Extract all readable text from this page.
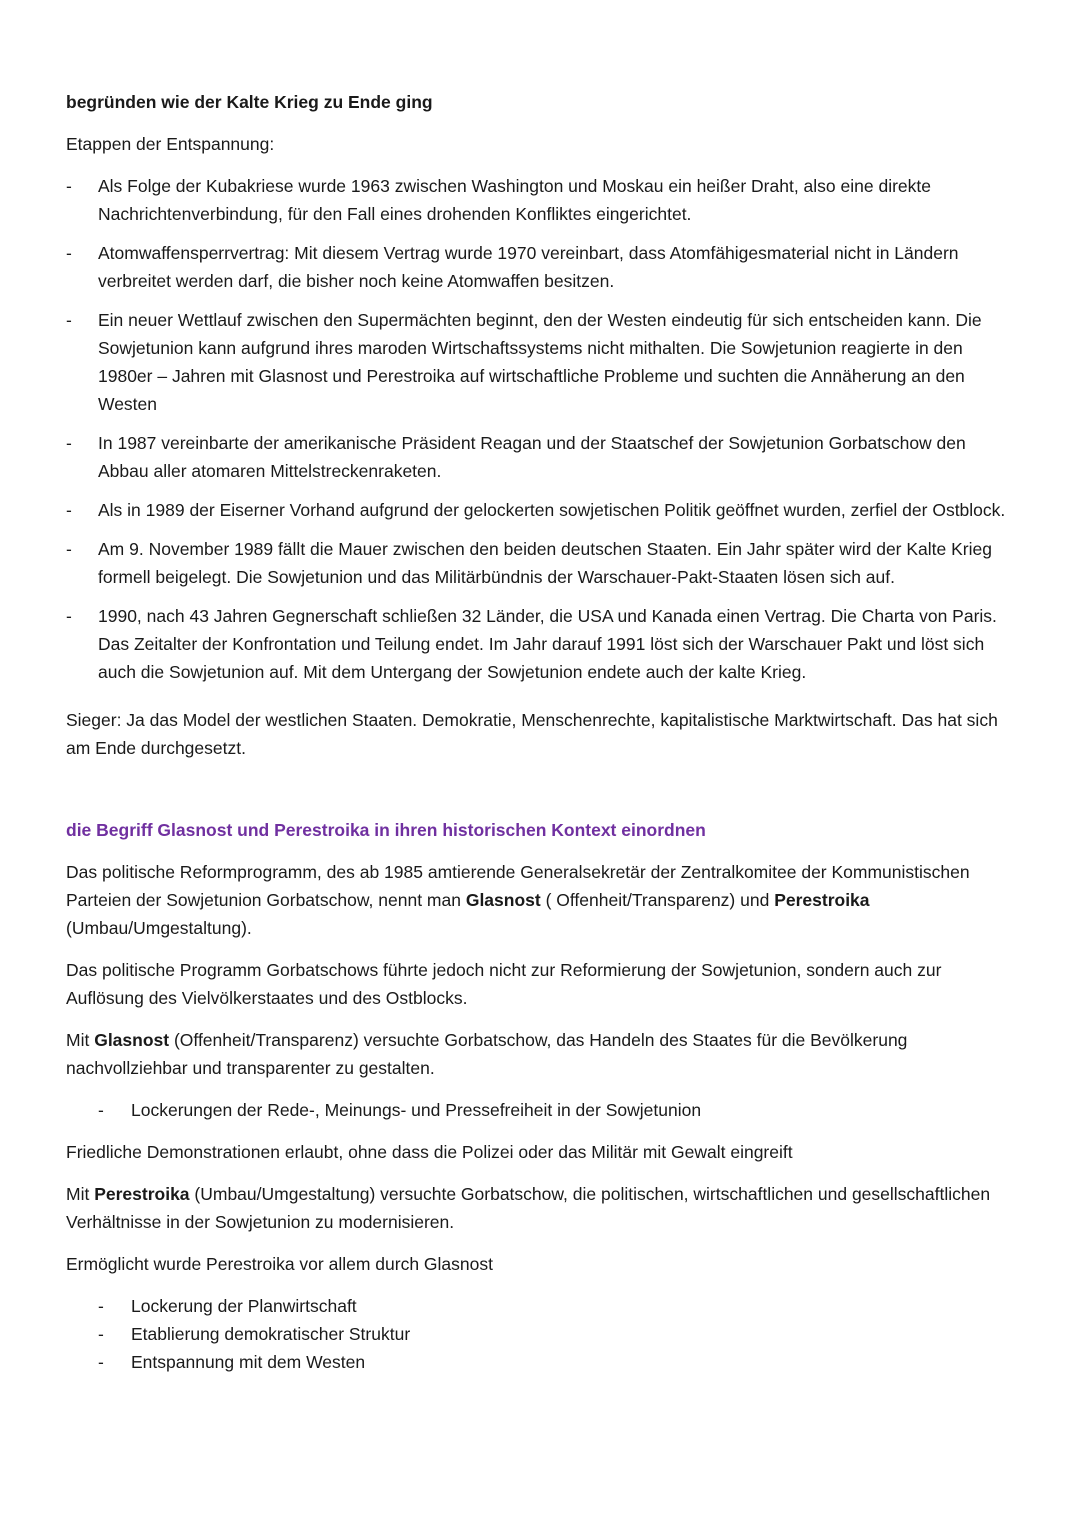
begründen wie der Kalte Krieg zu Ende ging

Etappen der Entspannung:

- Als Folge der Kubakriese wurde 1963 zwischen Washington und Moskau ein heißer Draht, also eine direkte Nachrichtenverbindung, für den Fall eines drohenden Konfliktes eingerichtet.
- Atomwaffensperrvertrag: Mit diesem Vertrag wurde 1970 vereinbart, dass Atomfähigesmaterial nicht in Ländern verbreitet werden darf, die bisher noch keine Atomwaffen besitzen.
- Ein neuer Wettlauf zwischen den Supermächten beginnt, den der Westen eindeutig für sich entscheiden kann. Die Sowjetunion kann aufgrund ihres maroden Wirtschaftssystems nicht mithalten. Die Sowjetunion reagierte in den 1980er – Jahren mit Glasnost und Perestroika auf wirtschaftliche Probleme und suchten die Annäherung an den Westen
- In 1987 vereinbarte der amerikanische Präsident Reagan und der Staatschef der Sowjetunion Gorbatschow den Abbau aller atomaren Mittelstreckenraketen.
- Als in 1989 der Eiserner Vorhand aufgrund der gelockerten sowjetischen Politik geöffnet wurden, zerfiel der Ostblock.
- Am 9. November 1989 fällt die Mauer zwischen den beiden deutschen Staaten. Ein Jahr später wird der Kalte Krieg formell beigelegt. Die Sowjetunion und das Militärbündnis der Warschauer-Pakt-Staaten lösen sich auf.
- 1990, nach 43 Jahren Gegnerschaft schließen 32 Länder, die USA und Kanada einen Vertrag. Die Charta von Paris. Das Zeitalter der Konfrontation und Teilung endet. Im Jahr darauf 1991 löst sich der Warschauer Pakt und löst sich auch die Sowjetunion auf. Mit dem Untergang der Sowjetunion endete auch der kalte Krieg.

Sieger: Ja das Model der westlichen Staaten. Demokratie, Menschenrechte, kapitalistische Marktwirtschaft. Das hat sich am Ende durchgesetzt.

die Begriff Glasnost und Perestroika in ihren historischen Kontext einordnen

Das politische Reformprogramm, des ab 1985 amtierende Generalsekretär der Zentralkomitee der Kommunistischen Parteien der Sowjetunion Gorbatschow, nennt man Glasnost ( Offenheit/Transparenz) und Perestroika (Umbau/Umgestaltung).

Das politische Programm Gorbatschows führte jedoch nicht zur Reformierung der Sowjetunion, sondern auch zur Auflösung des Vielvölkerstaates und des Ostblocks.

Mit Glasnost (Offenheit/Transparenz) versuchte Gorbatschow, das Handeln des Staates für die Bevölkerung nachvollziehbar und transparenter zu gestalten.

- Lockerungen der Rede-, Meinungs- und Pressefreiheit in der Sowjetunion

Friedliche Demonstrationen erlaubt, ohne dass die Polizei oder das Militär mit Gewalt eingreift

Mit Perestroika (Umbau/Umgestaltung) versuchte Gorbatschow, die politischen, wirtschaftlichen und gesellschaftlichen Verhältnisse in der Sowjetunion zu modernisieren.

Ermöglicht wurde Perestroika vor allem durch Glasnost

- Lockerung der Planwirtschaft
- Etablierung demokratischer Struktur
- Entspannung mit dem Westen
